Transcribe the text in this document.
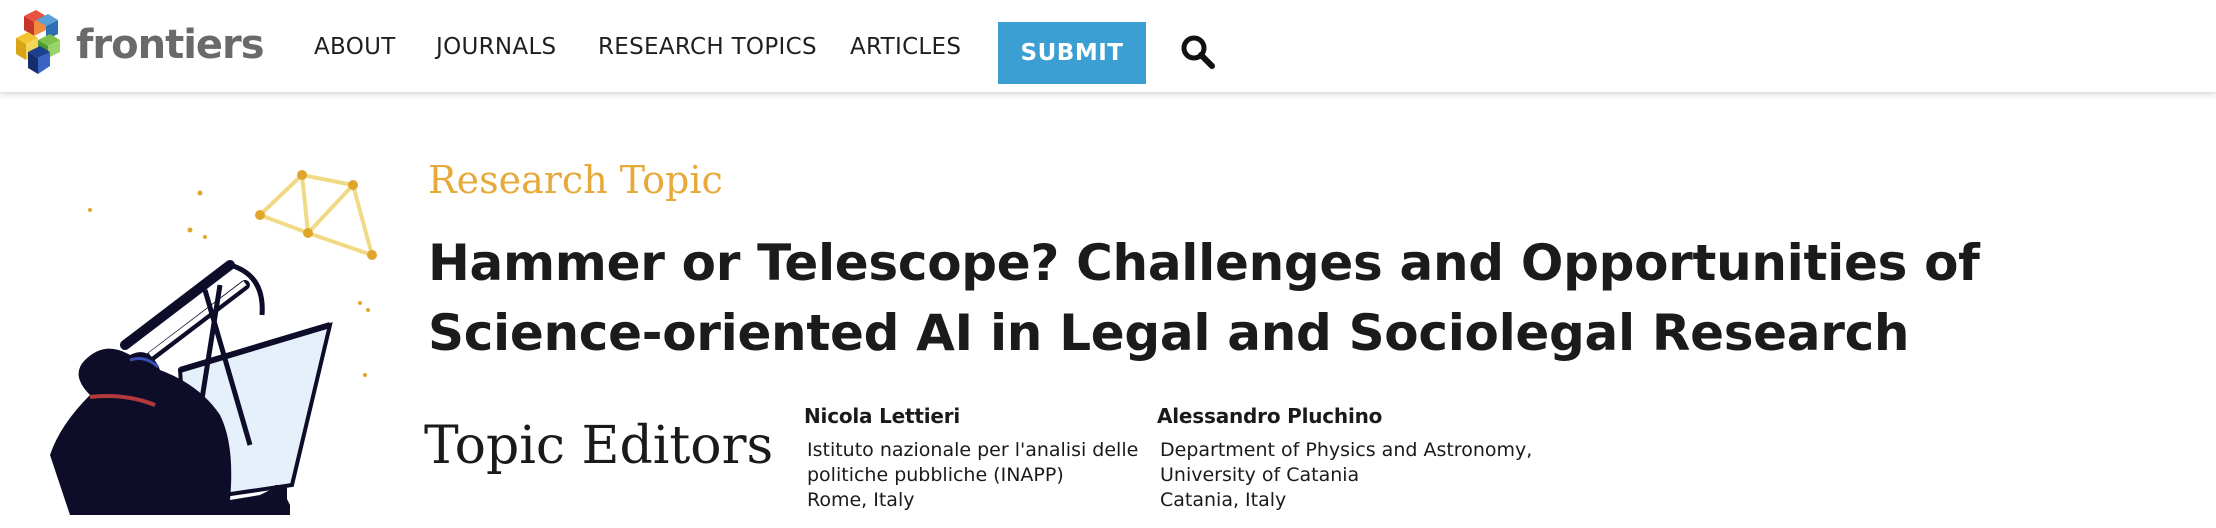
frontiers ABOUT JOURNALS RESEARCH TOPICS ARTICLES	SUBMIT
Research Topic
Hammer or Telescope? Challenges and Opportunities of Science-oriented AI in Legal and Sociolegal Research
Topic Editors Nicola Lettieri
Istituto nazionale per l'analisi delle
politiche pubbliche (INAPP)
Rome, Italy
Alessandro Pluchino
Department of Physics and Astronomy,
University of Catania
Catania, Italy
